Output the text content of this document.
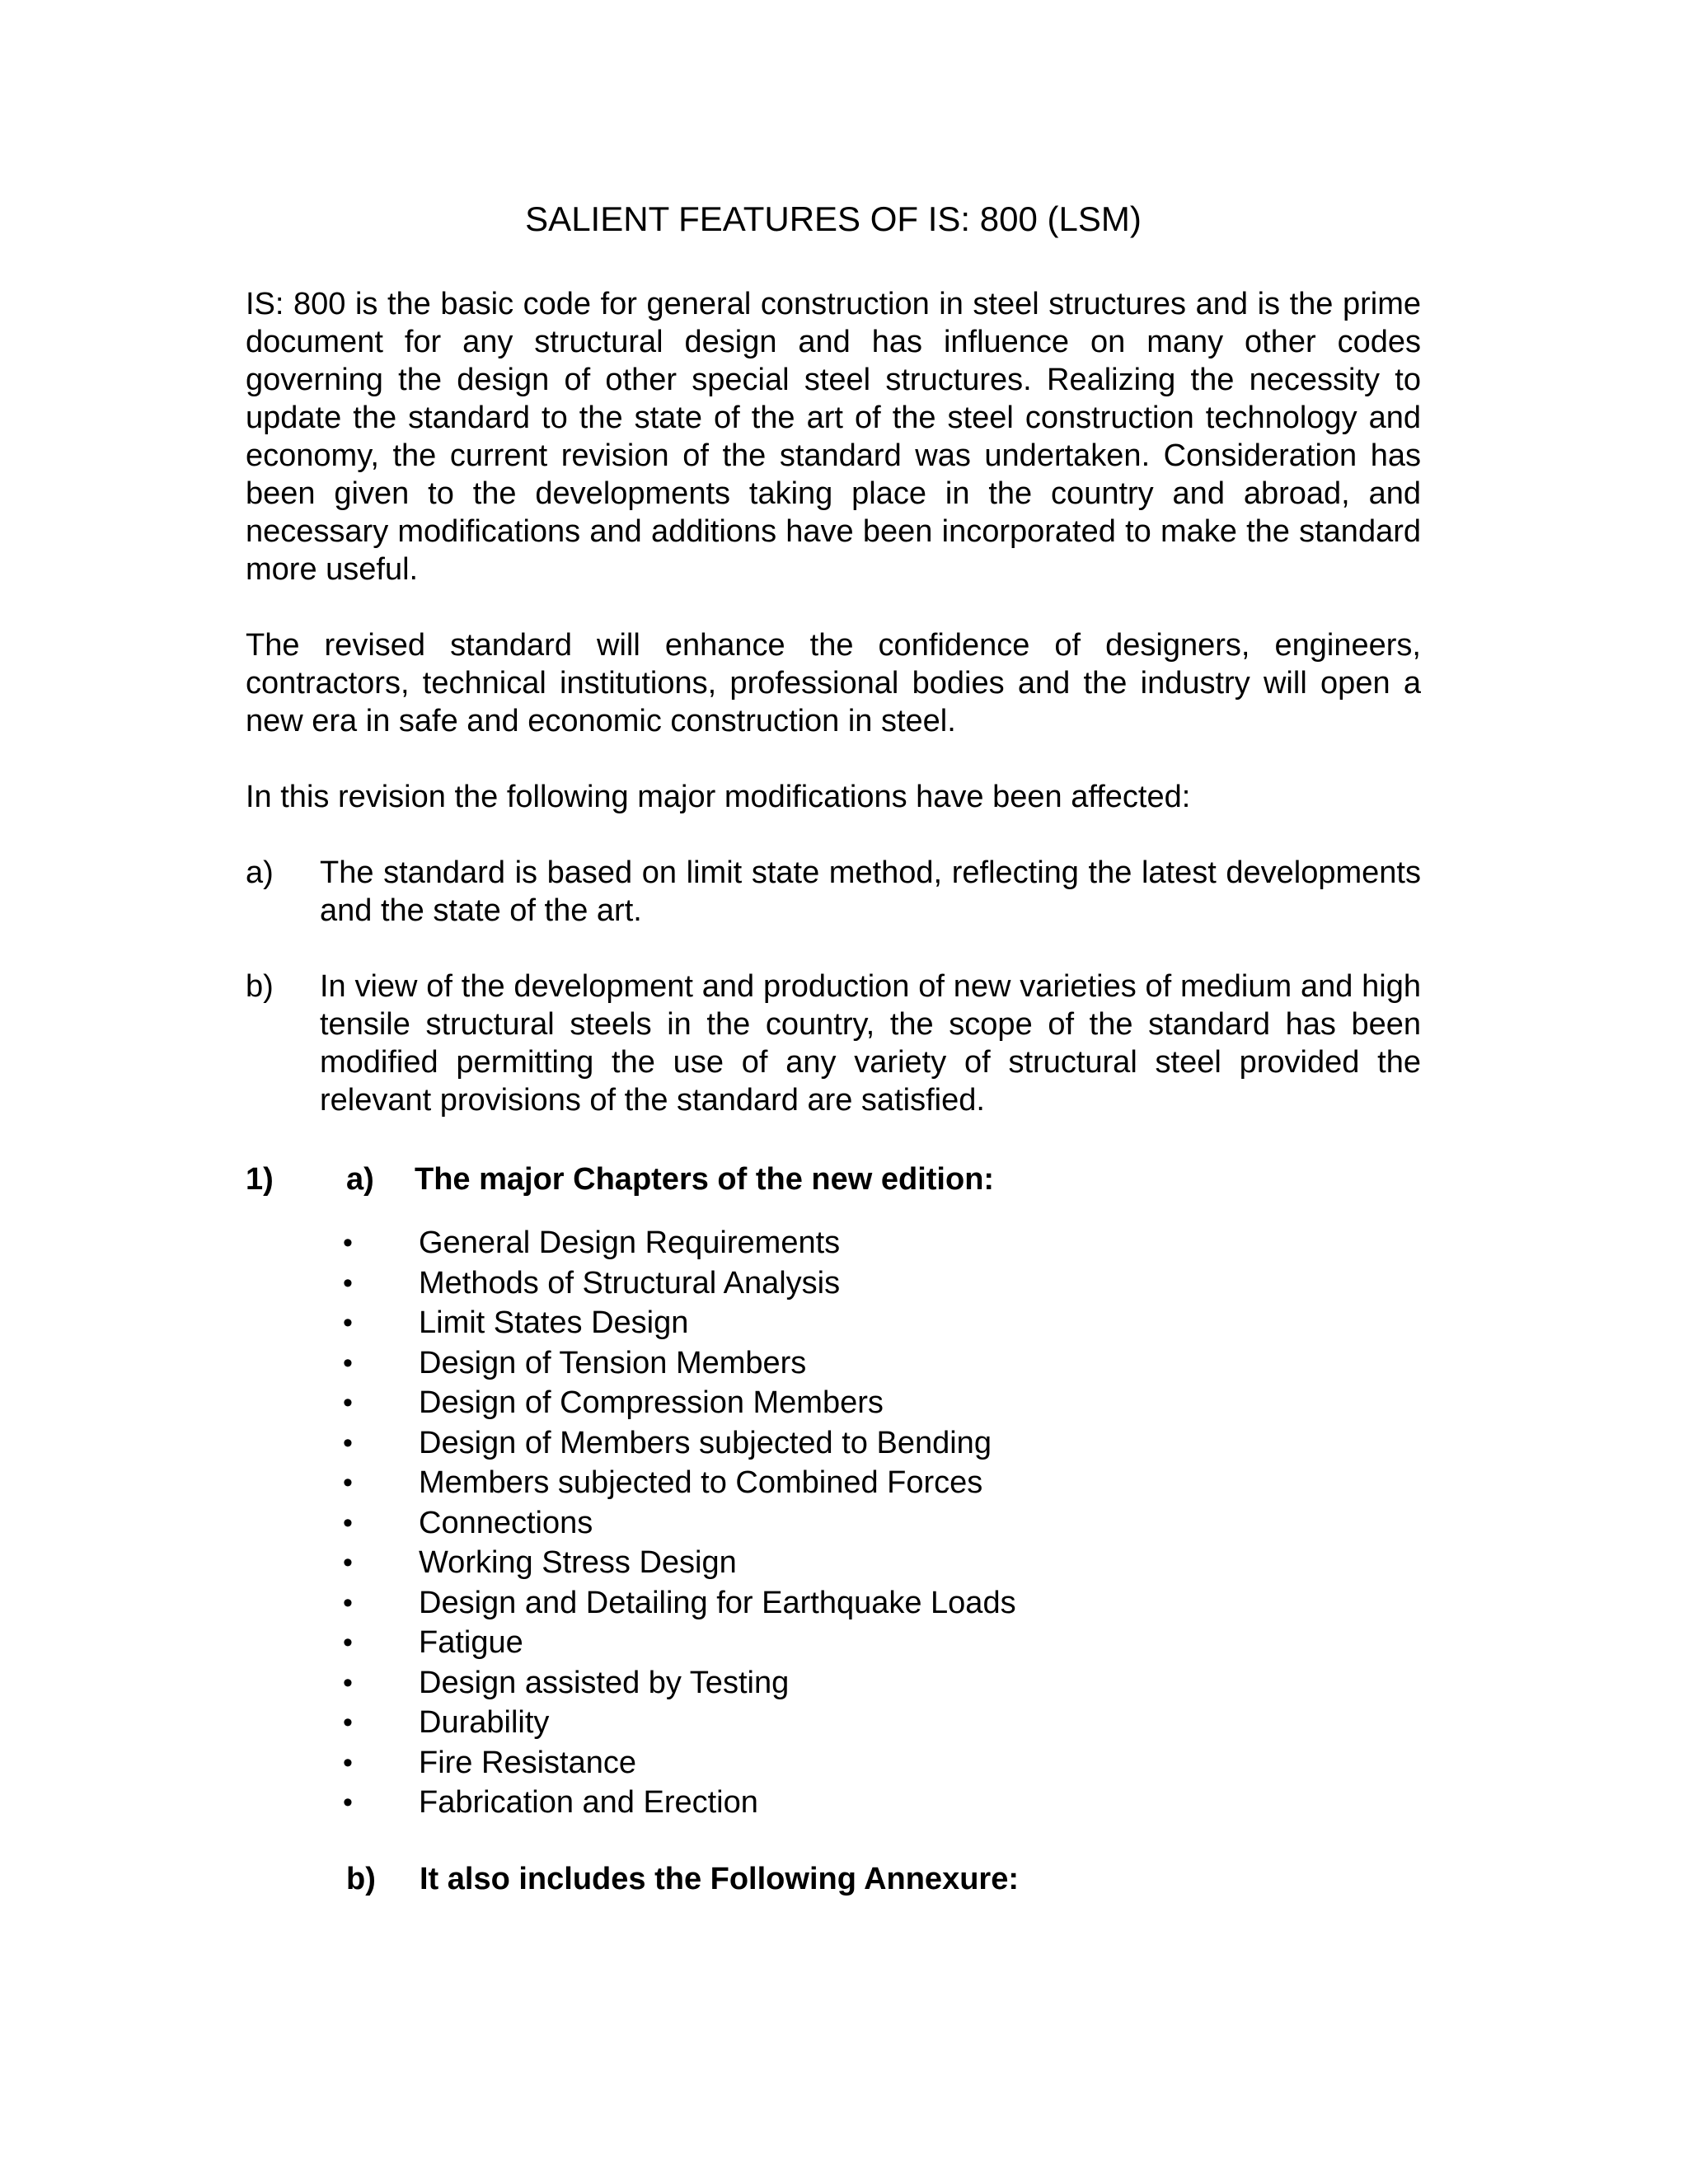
SALIENT FEATURES OF IS: 800 (LSM)
IS: 800 is the basic code for general construction in steel structures and is the prime document for any structural design and has influence on many other codes governing the design of other special steel structures. Realizing the necessity to update the standard to the state of the art of the steel construction technology and economy, the current revision of the standard was undertaken. Consideration has been given to the developments taking place in the country and abroad, and necessary modifications and additions have been incorporated to make the standard more useful.
The revised standard will enhance the confidence of designers, engineers, contractors, technical institutions, professional bodies and the industry will open a new era in safe and economic construction in steel.
In this revision the following major modifications have been affected:
a) The standard is based on limit state method, reflecting the latest developments and the state of the art.
b) In view of the development and production of new varieties of medium and high tensile structural steels in the country, the scope of the standard has been modified permitting the use of any variety of structural steel provided the relevant provisions of the standard are satisfied.
1) a) The major Chapters of the new edition:
• General Design Requirements
• Methods of Structural Analysis
• Limit States Design
• Design of Tension Members
• Design of Compression Members
• Design of Members subjected to Bending
• Members subjected to Combined Forces
• Connections
• Working Stress Design
• Design and Detailing for Earthquake Loads
• Fatigue
• Design assisted by Testing
• Durability
• Fire Resistance
• Fabrication and Erection
b) It also includes the Following Annexure:
